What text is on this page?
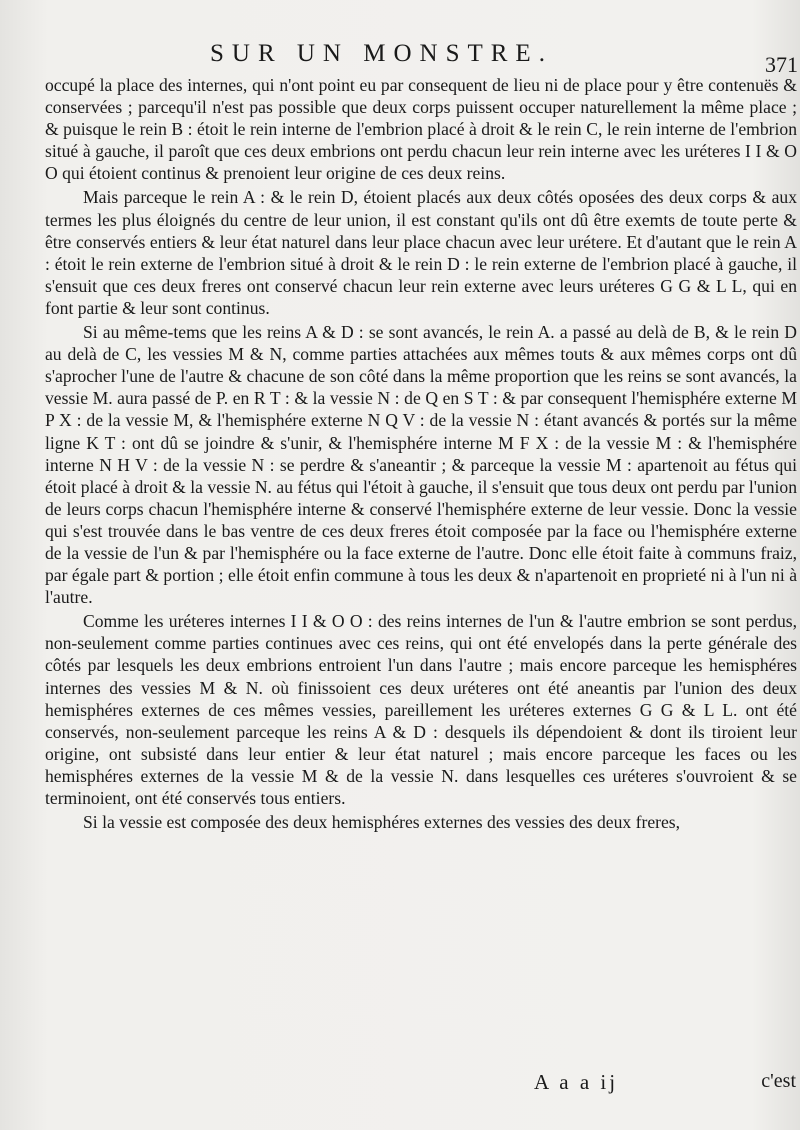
SUR UN MONSTRE.	371

occupé la place des internes, qui n'ont point eu par consequent de lieu ni de place pour y être contenuës & conservées ; parcequ'il n'est pas possible que deux corps puissent occuper naturellement la même place ; & puisque le rein B : étoit le rein interne de l'embrion placé à droit & le rein C, le rein interne de l'embrion situé à gauche, il paroît que ces deux embrions ont perdu chacun leur rein interne avec les uréteres I I & O O qui étoient continus & prenoient leur origine de ces deux reins.

Mais parceque le rein A : & le rein D, étoient placés aux deux côtés oposées des deux corps & aux termes les plus éloignés du centre de leur union, il est constant qu'ils ont dû être exemts de toute perte & être conservés entiers & leur état naturel dans leur place chacun avec leur urétere. Et d'autant que le rein A : étoit le rein externe de l'embrion situé à droit & le rein D : le rein externe de l'embrion placé à gauche, il s'ensuit que ces deux freres ont conservé chacun leur rein externe avec leurs uréteres G G & L L, qui en font partie & leur sont continus.

Si au même-tems que les reins A & D : se sont avancés, le rein A. a passé au delà de B, & le rein D au delà de C, les vessies M & N, comme parties attachées aux mêmes touts & aux mêmes corps ont dû s'aprocher l'une de l'autre & chacune de son côté dans la même proportion que les reins se sont avancés, la vessie M. aura passé de P. en R T : & la vessie N : de Q en S T : & par consequent l'hemisphére externe M P X : de la vessie M, & l'hemisphére externe N Q V : de la vessie N : étant avancés & portés sur la même ligne K T : ont dû se joindre & s'unir, & l'hemisphére interne M F X : de la vessie M : & l'hemisphére interne N H V : de la vessie N : se perdre & s'aneantir ; & parceque la vessie M : apartenoit au fétus qui étoit placé à droit & la vessie N. au fétus qui l'étoit à gauche, il s'ensuit que tous deux ont perdu par l'union de leurs corps chacun l'hemisphére interne & conservé l'hemisphére externe de leur vessie. Donc la vessie qui s'est trouvée dans le bas ventre de ces deux freres étoit composée par la face ou l'hemisphére externe de la vessie de l'un & par l'hemisphére ou la face externe de l'autre. Donc elle étoit faite à communs fraiz, par égale part & portion ; elle étoit enfin commune à tous les deux & n'apartenoit en proprieté ni à l'un ni à l'autre.

Comme les uréteres internes I I & O O : des reins internes de l'un & l'autre embrion se sont perdus, non-seulement comme parties continues avec ces reins, qui ont été envelopés dans la perte générale des côtés par lesquels les deux embrions entroient l'un dans l'autre ; mais encore parceque les hemisphéres internes des vessies M & N. où finissoient ces deux uréteres ont été aneantis par l'union des deux hemisphéres externes de ces mêmes vessies, pareillement les uréteres externes G G & L L. ont été conservés, non-seulement parceque les reins A & D : desquels ils dépendoient & dont ils tiroient leur origine, ont subsisté dans leur entier & leur état naturel ; mais encore parceque les faces ou les hemisphéres externes de la vessie M & de la vessie N. dans lesquelles ces uréteres s'ouvroient & se terminoient, ont été conservés tous entiers.

Si la vessie est composée des deux hemisphéres externes des vessies des deux freres,

A a a ij	c'est
